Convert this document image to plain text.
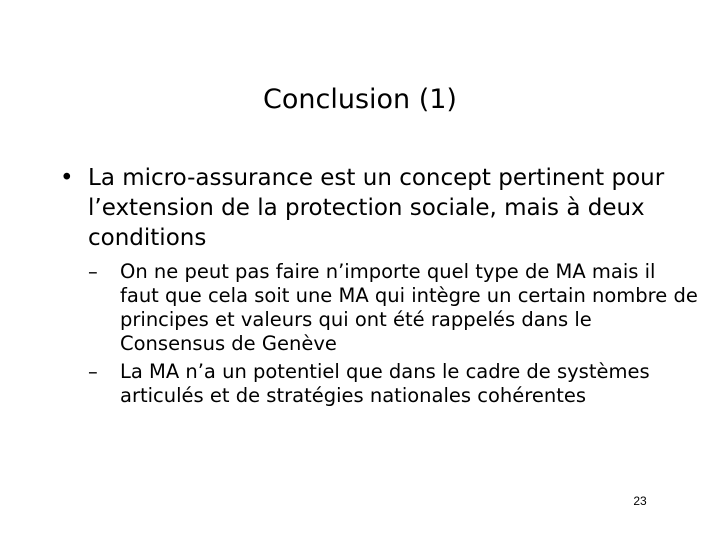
Conclusion (1)
• La micro-assurance est un concept pertinent pour l’extension de la protection sociale, mais à deux conditions
– On ne peut pas faire n’importe quel type de MA mais il faut que cela soit une MA qui intègre un certain nombre de principes et valeurs qui ont été rappelés dans le Consensus de Genève
– La MA n’a un potentiel que dans le cadre de systèmes articulés et de stratégies nationales cohérentes
23
